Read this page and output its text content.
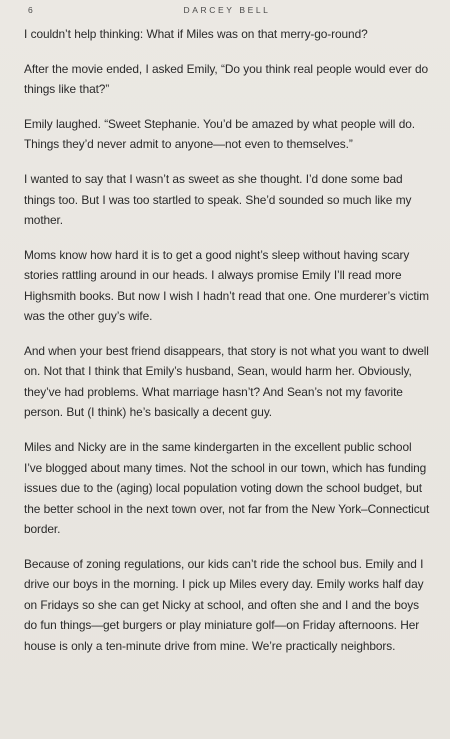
6	DARCEY BELL

I couldn’t help thinking: What if Miles was on that merry-go-round?

After the movie ended, I asked Emily, “Do you think real people would ever do things like that?”

Emily laughed. “Sweet Stephanie. You’d be amazed by what people will do. Things they’d never admit to anyone—not even to themselves.”

I wanted to say that I wasn’t as sweet as she thought. I’d done some bad things too. But I was too startled to speak. She’d sounded so much like my mother.

Moms know how hard it is to get a good night’s sleep without having scary stories rattling around in our heads. I always promise Emily I’ll read more Highsmith books. But now I wish I hadn’t read that one. One murderer’s victim was the other guy’s wife.

And when your best friend disappears, that story is not what you want to dwell on. Not that I think that Emily’s husband, Sean, would harm her. Obviously, they’ve had problems. What marriage hasn’t? And Sean’s not my favorite person. But (I think) he’s basically a decent guy.

Miles and Nicky are in the same kindergarten in the excellent public school I’ve blogged about many times. Not the school in our town, which has funding issues due to the (aging) local population voting down the school budget, but the better school in the next town over, not far from the New York–Connecticut border.

Because of zoning regulations, our kids can’t ride the school bus. Emily and I drive our boys in the morning. I pick up Miles every day. Emily works half day on Fridays so she can get Nicky at school, and often she and I and the boys do fun things—get burgers or play miniature golf—on Friday afternoons. Her house is only a ten-minute drive from mine. We’re practically neighbors.
